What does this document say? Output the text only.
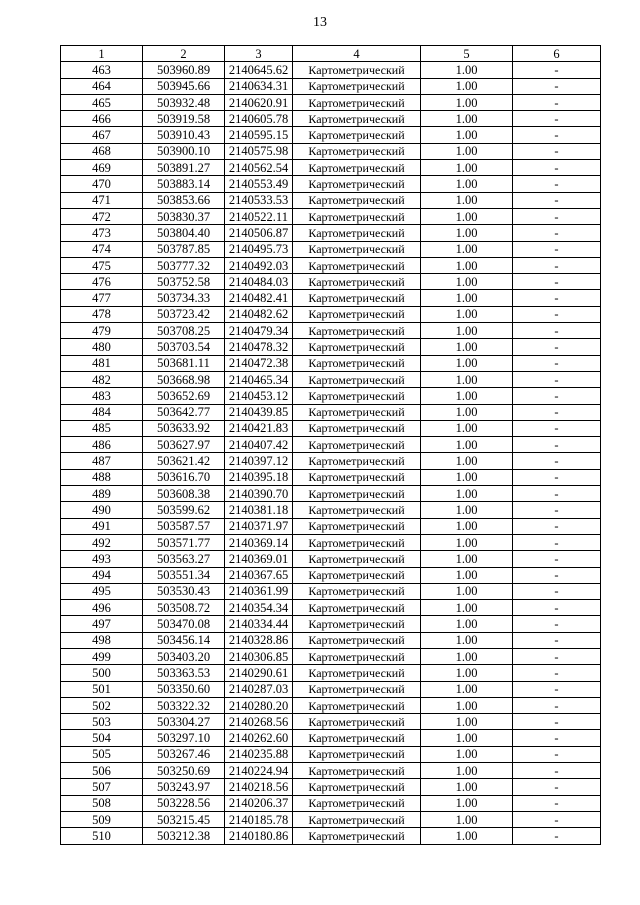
13
1	2	3	4	5	6
463	503960.89	2140645.62	Картометрический	1.00	-
464	503945.66	2140634.31	Картометрический	1.00	-
465	503932.48	2140620.91	Картометрический	1.00	-
466	503919.58	2140605.78	Картометрический	1.00	-
467	503910.43	2140595.15	Картометрический	1.00	-
468	503900.10	2140575.98	Картометрический	1.00	-
469	503891.27	2140562.54	Картометрический	1.00	-
470	503883.14	2140553.49	Картометрический	1.00	-
471	503853.66	2140533.53	Картометрический	1.00	-
472	503830.37	2140522.11	Картометрический	1.00	-
473	503804.40	2140506.87	Картометрический	1.00	-
474	503787.85	2140495.73	Картометрический	1.00	-
475	503777.32	2140492.03	Картометрический	1.00	-
476	503752.58	2140484.03	Картометрический	1.00	-
477	503734.33	2140482.41	Картометрический	1.00	-
478	503723.42	2140482.62	Картометрический	1.00	-
479	503708.25	2140479.34	Картометрический	1.00	-
480	503703.54	2140478.32	Картометрический	1.00	-
481	503681.11	2140472.38	Картометрический	1.00	-
482	503668.98	2140465.34	Картометрический	1.00	-
483	503652.69	2140453.12	Картометрический	1.00	-
484	503642.77	2140439.85	Картометрический	1.00	-
485	503633.92	2140421.83	Картометрический	1.00	-
486	503627.97	2140407.42	Картометрический	1.00	-
487	503621.42	2140397.12	Картометрический	1.00	-
488	503616.70	2140395.18	Картометрический	1.00	-
489	503608.38	2140390.70	Картометрический	1.00	-
490	503599.62	2140381.18	Картометрический	1.00	-
491	503587.57	2140371.97	Картометрический	1.00	-
492	503571.77	2140369.14	Картометрический	1.00	-
493	503563.27	2140369.01	Картометрический	1.00	-
494	503551.34	2140367.65	Картометрический	1.00	-
495	503530.43	2140361.99	Картометрический	1.00	-
496	503508.72	2140354.34	Картометрический	1.00	-
497	503470.08	2140334.44	Картометрический	1.00	-
498	503456.14	2140328.86	Картометрический	1.00	-
499	503403.20	2140306.85	Картометрический	1.00	-
500	503363.53	2140290.61	Картометрический	1.00	-
501	503350.60	2140287.03	Картометрический	1.00	-
502	503322.32	2140280.20	Картометрический	1.00	-
503	503304.27	2140268.56	Картометрический	1.00	-
504	503297.10	2140262.60	Картометрический	1.00	-
505	503267.46	2140235.88	Картометрический	1.00	-
506	503250.69	2140224.94	Картометрический	1.00	-
507	503243.97	2140218.56	Картометрический	1.00	-
508	503228.56	2140206.37	Картометрический	1.00	-
509	503215.45	2140185.78	Картометрический	1.00	-
510	503212.38	2140180.86	Картометрический	1.00	-
